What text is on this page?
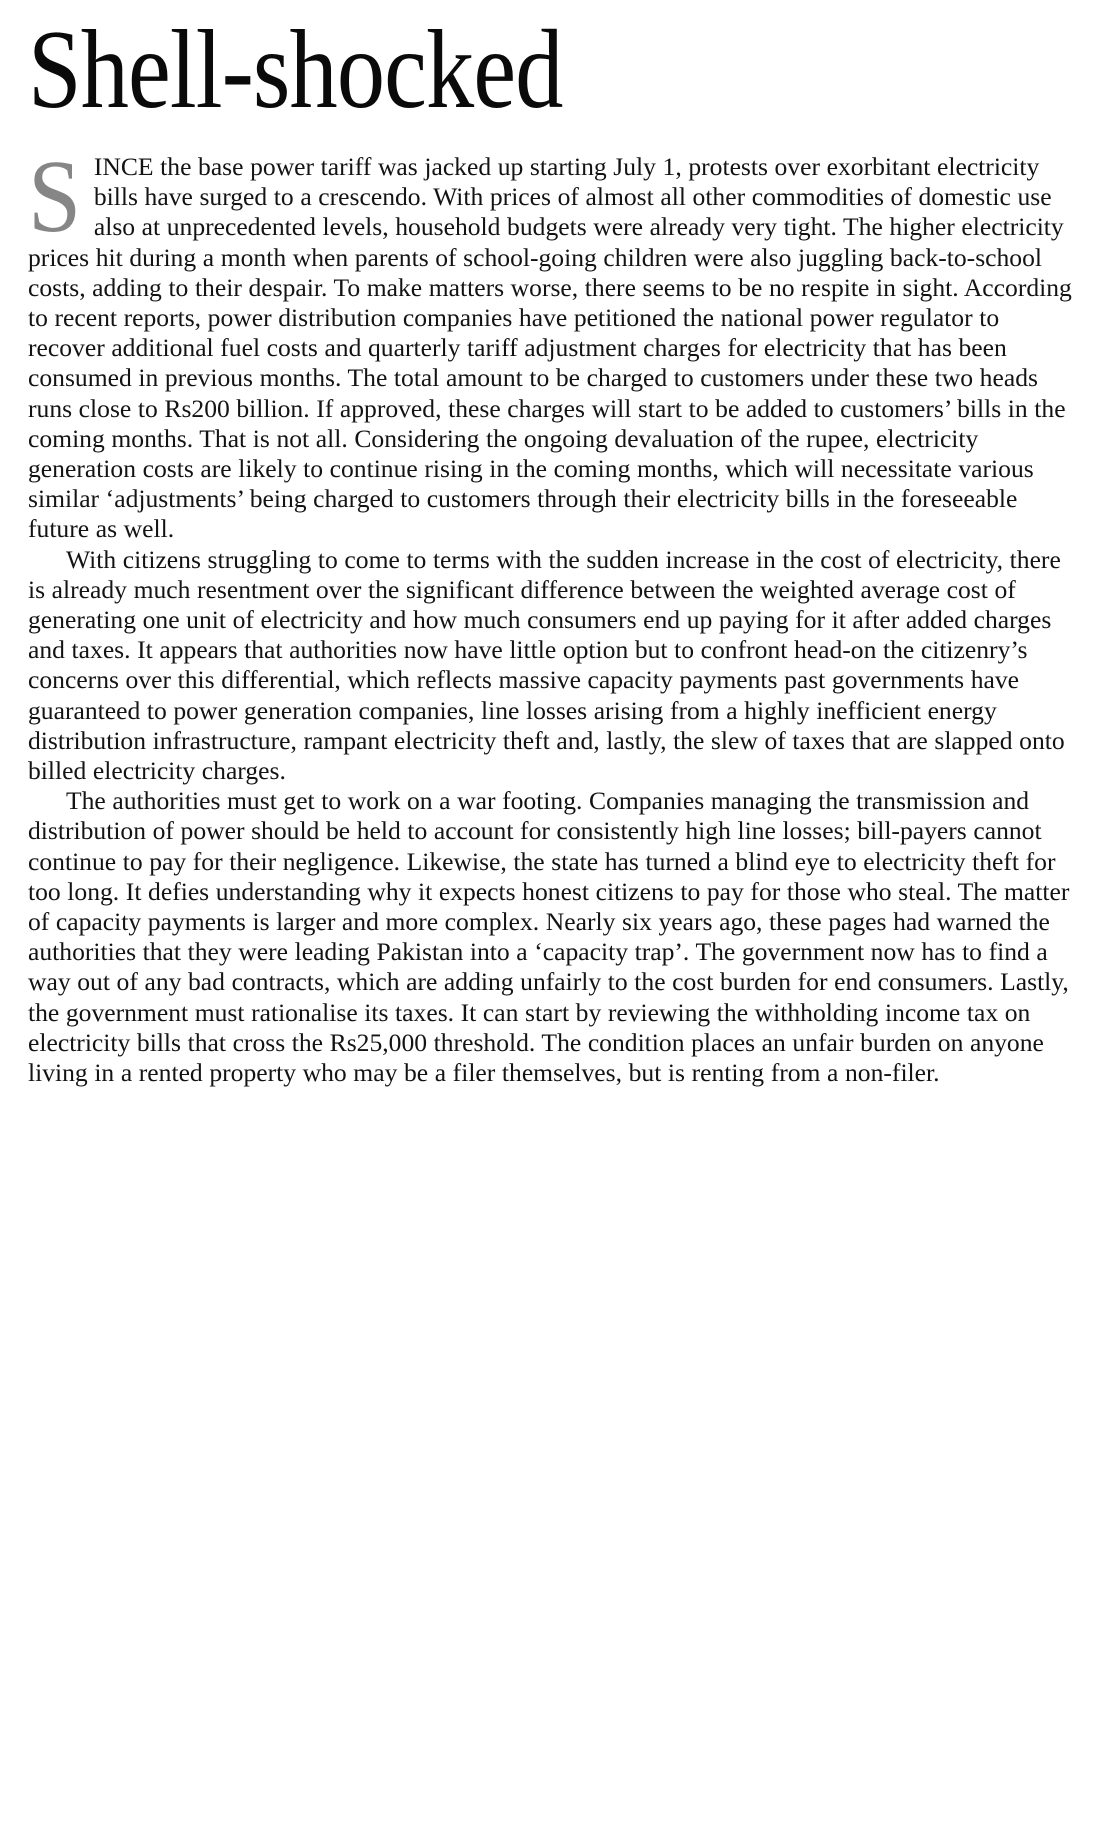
Shell-shocked

SINCE the base power tariff was jacked up starting July 1, protests over exorbitant electricity bills have surged to a crescendo. With prices of almost all other commodities of domestic use also at unprecedented levels, household budgets were already very tight. The higher electricity prices hit during a month when parents of school-going children were also juggling back-to-school costs, adding to their despair. To make matters worse, there seems to be no respite in sight. According to recent reports, power distribution companies have petitioned the national power regulator to recover additional fuel costs and quarterly tariff adjustment charges for electricity that has been consumed in previous months. The total amount to be charged to customers under these two heads runs close to Rs200 billion. If approved, these charges will start to be added to customers’ bills in the coming months. That is not all. Considering the ongoing devaluation of the rupee, electricity generation costs are likely to continue rising in the coming months, which will necessitate various similar ‘adjustments’ being charged to customers through their electricity bills in the foreseeable future as well.

With citizens struggling to come to terms with the sudden increase in the cost of electricity, there is already much resentment over the significant difference between the weighted average cost of generating one unit of electricity and how much consumers end up paying for it after added charges and taxes. It appears that authorities now have little option but to confront head-on the citizenry’s concerns over this differential, which reflects massive capacity payments past governments have guaranteed to power generation companies, line losses arising from a highly inefficient energy distribution infrastructure, rampant electricity theft and, lastly, the slew of taxes that are slapped onto billed electricity charges.

The authorities must get to work on a war footing. Companies managing the transmission and distribution of power should be held to account for consistently high line losses; bill-payers cannot continue to pay for their negligence. Likewise, the state has turned a blind eye to electricity theft for too long. It defies understanding why it expects honest citizens to pay for those who steal. The matter of capacity payments is larger and more complex. Nearly six years ago, these pages had warned the authorities that they were leading Pakistan into a ‘capacity trap’. The government now has to find a way out of any bad contracts, which are adding unfairly to the cost burden for end consumers. Lastly, the government must rationalise its taxes. It can start by reviewing the withholding income tax on electricity bills that cross the Rs25,000 threshold. The condition places an unfair burden on anyone living in a rented property who may be a filer themselves, but is renting from a non-filer.
